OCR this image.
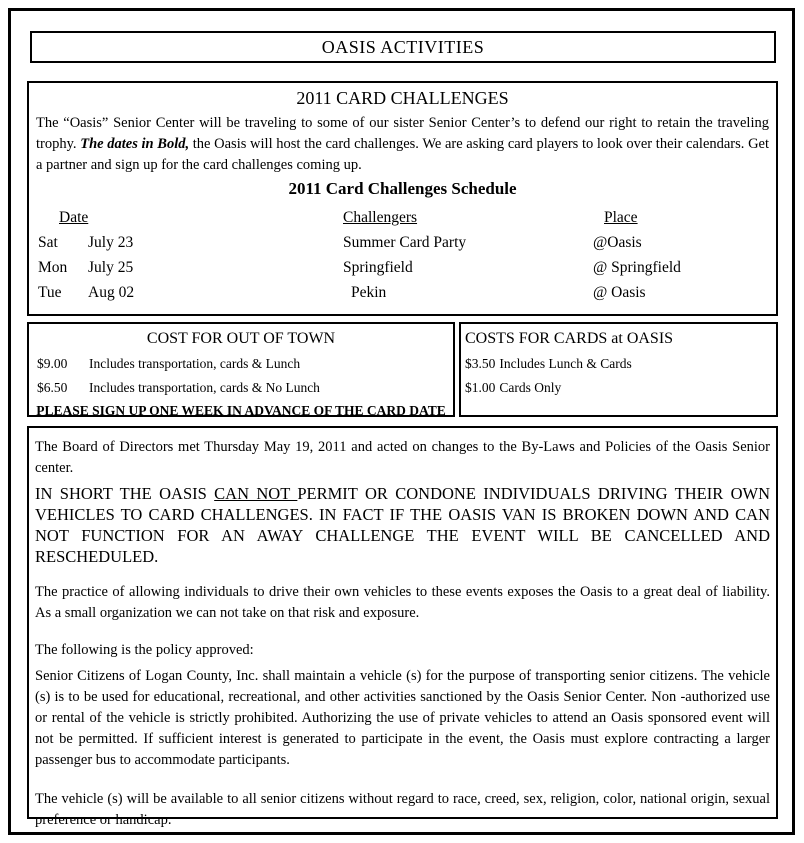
OASIS ACTIVITIES
2011 CARD CHALLENGES

The “Oasis” Senior Center will be traveling to some of our sister Senior Center’s to defend our right to retain the traveling trophy. The dates in Bold, the Oasis will host the card challenges. We are asking card players to look over their calendars. Get a partner and sign up for the card challenges coming up.

2011 Card Challenges Schedule
Date	Challengers	Place
Sat July 23	Summer Card Party	@Oasis
Mon July 25	Springfield	@ Springfield
Tue Aug 02	Pekin	@ Oasis
COST FOR OUT OF TOWN
$9.00 Includes transportation, cards & Lunch
$6.50 Includes transportation, cards & No Lunch
PLEASE SIGN UP ONE WEEK IN ADVANCE OF THE CARD DATE
COSTS FOR CARDS at OASIS
$3.50 Includes Lunch & Cards
$1.00 Cards Only

The Board of Directors met Thursday May 19, 2011 and acted on changes to the By-Laws and Policies of the Oasis Senior center.

IN SHORT THE OASIS CAN NOT PERMIT OR CONDONE INDIVIDUALS DRIVING THEIR OWN VEHICLES TO CARD CHALLENGES. IN FACT IF THE OASIS VAN IS BROKEN DOWN AND CAN NOT FUNCTION FOR AN AWAY CHALLENGE THE EVENT WILL BE CANCELLED AND RESCHEDULED.

The practice of allowing individuals to drive their own vehicles to these events exposes the Oasis to a great deal of liability. As a small organization we can not take on that risk and exposure.

The following is the policy approved:

Senior Citizens of Logan County, Inc. shall maintain a vehicle (s) for the purpose of transporting senior citizens. The vehicle (s) is to be used for educational, recreational, and other activities sanctioned by the Oasis Senior Center. Non -authorized use or rental of the vehicle is strictly prohibited. Authorizing the use of private vehicles to attend an Oasis sponsored event will not be permitted. If sufficient interest is generated to participate in the event, the Oasis must explore contracting a larger passenger bus to accommodate participants.

The vehicle (s) will be available to all senior citizens without regard to race, creed, sex, religion, color, national origin, sexual preference or handicap.
